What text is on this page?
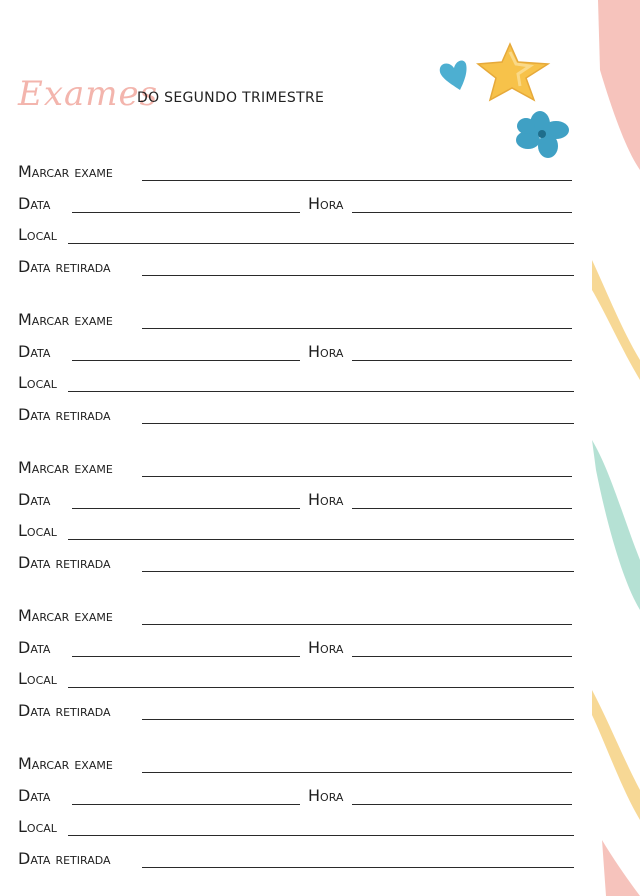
Exames
DO SEGUNDO TRIMESTRE
Marcar exame
Data	Hora
Local
Data retirada
Marcar exame
Data	Hora
Local
Data retirada
Marcar exame
Data	Hora
Local
Data retirada
Marcar exame
Data	Hora
Local
Data retirada
Marcar exame
Data	Hora
Local
Data retirada
